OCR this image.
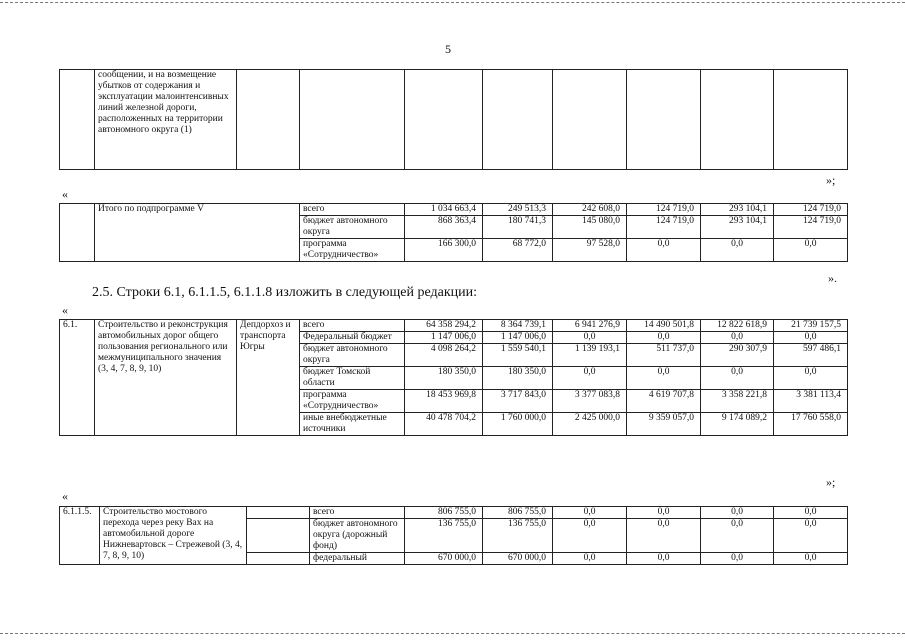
5
	сообщении, и на возмещение убытков от содержания и эксплуатации малоинтенсивных линий железной дороги, расположенных на территории автономного округа (1)								
»;
«
	Итого по подпрограмме V	всего	1 034 663,4	249 513,3	242 608,0	124 719,0	293 104,1	124 719,0
		бюджет автономного округа	868 363,4	180 741,3	145 080,0	124 719,0	293 104,1	124 719,0
		программа «Сотрудничество»	166 300,0	68 772,0	97 528,0	0,0	0,0	0,0
».
2.5. Строки 6.1, 6.1.1.5, 6.1.1.8 изложить в следующей редакции:
«
6.1.	Строительство и реконструкция автомобильных дорог общего пользования регионального или межмуниципального значения (3, 4, 7, 8, 9, 10)	Депдорхоз и транспорта Югры	всего	64 358 294,2	8 364 739,1	6 941 276,9	14 490 501,8	12 822 618,9	21 739 157,5
			Федеральный бюджет	1 147 006,0	1 147 006,0	0,0	0,0	0,0	0,0
			бюджет автономного округа	4 098 264,2	1 559 540,1	1 139 193,1	511 737,0	290 307,9	597 486,1
			бюджет Томской области	180 350,0	180 350,0	0,0	0,0	0,0	0,0
			программа «Сотрудничество»	18 453 969,8	3 717 843,0	3 377 083,8	4 619 707,8	3 358 221,8	3 381 113,4
			иные внебюджетные источники	40 478 704,2	1 760 000,0	2 425 000,0	9 359 057,0	9 174 089,2	17 760 558,0
»;
«
6.1.1.5.	Строительство мостового перехода через реку Вах на автомобильной дороге Нижневартовск – Стрежевой (3, 4, 7, 8, 9, 10)		всего	806 755,0	806 755,0	0,0	0,0	0,0	0,0
			бюджет автономного округа (дорожный фонд)	136 755,0	136 755,0	0,0	0,0	0,0	0,0
			федеральный	670 000,0	670 000,0	0,0	0,0	0,0	0,0
